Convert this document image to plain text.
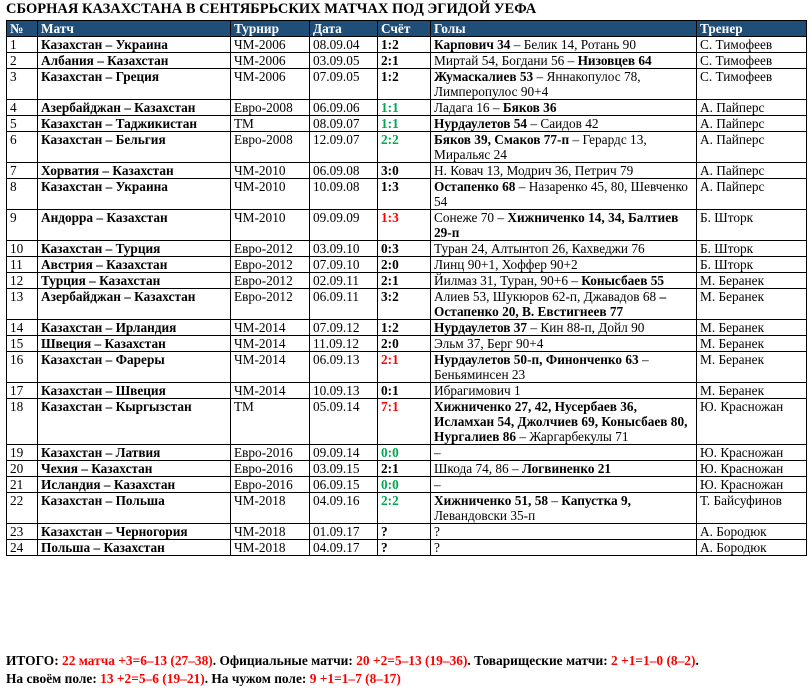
СБОРНАЯ КАЗАХСТАНА В СЕНТЯБРЬСКИХ МАТЧАХ ПОД ЭГИДОЙ УЕФА
№	Матч	Турнир	Дата	Счёт	Голы	Тренер
1	Казахстан – Украина	ЧМ-2006	08.09.04	1:2	Карпович 34 – Белик 14, Ротань 90	С. Тимофеев
2	Албания – Казахстан	ЧМ-2006	03.09.05	2:1	Миртай 54, Богдани 56 – Низовцев 64	С. Тимофеев
3	Казахстан – Греция	ЧМ-2006	07.09.05	1:2	Жумаскалиев 53 – Яннакопулос 78, Лимперопулос 90+4	С. Тимофеев
4	Азербайджан – Казахстан	Евро-2008	06.09.06	1:1	Ладага 16 – Бяков 36	А. Пайперс
5	Казахстан – Таджикистан	ТМ	08.09.07	1:1	Нурдаулетов 54 – Саидов 42	А. Пайперс
6	Казахстан – Бельгия	Евро-2008	12.09.07	2:2	Бяков 39, Смаков 77-п – Герардс 13, Миральяс 24	А. Пайперс
7	Хорватия – Казахстан	ЧМ-2010	06.09.08	3:0	Н. Ковач 13, Модрич 36, Петрич 79	А. Пайперс
8	Казахстан – Украина	ЧМ-2010	10.09.08	1:3	Остапенко 68 – Назаренко 45, 80, Шевченко 54	А. Пайперс
9	Андорра – Казахстан	ЧМ-2010	09.09.09	1:3	Сонеже 70 – Хижниченко 14, 34, Балтиев 29-п	Б. Шторк
10	Казахстан – Турция	Евро-2012	03.09.10	0:3	Туран 24, Алтынтоп 26, Кахведжи 76	Б. Шторк
11	Австрия – Казахстан	Евро-2012	07.09.10	2:0	Линц 90+1, Хоффер 90+2	Б. Шторк
12	Турция – Казахстан	Евро-2012	02.09.11	2:1	Йилмаз 31, Туран, 90+6 – Конысбаев 55	М. Беранек
13	Азербайджан – Казахстан	Евро-2012	06.09.11	3:2	Алиев 53, Шукюров 62-п, Джавадов 68 – Остапенко 20, В. Евстигнеев 77	М. Беранек
14	Казахстан – Ирландия	ЧМ-2014	07.09.12	1:2	Нурдаулетов 37 – Кин 88-п, Дойл 90	М. Беранек
15	Швеция – Казахстан	ЧМ-2014	11.09.12	2:0	Эльм 37, Берг 90+4	М. Беранек
16	Казахстан – Фареры	ЧМ-2014	06.09.13	2:1	Нурдаулетов 50-п, Финонченко 63 – Беньяминсен 23	М. Беранек
17	Казахстан – Швеция	ЧМ-2014	10.09.13	0:1	Ибрагимович 1	М. Беранек
18	Казахстан – Кыргызстан	ТМ	05.09.14	7:1	Хижниченко 27, 42, Нусербаев 36, Исламхан 54, Джолчиев 69, Конысбаев 80, Нургалиев 86 – Жаргарбекулы 71	Ю. Красножан
19	Казахстан – Латвия	Евро-2016	09.09.14	0:0	–	Ю. Красножан
20	Чехия – Казахстан	Евро-2016	03.09.15	2:1	Шкода 74, 86 – Логвиненко 21	Ю. Красножан
21	Исландия – Казахстан	Евро-2016	06.09.15	0:0	–	Ю. Красножан
22	Казахстан – Польша	ЧМ-2018	04.09.16	2:2	Хижниченко 51, 58 – Капустка 9, Левандовски 35-п	Т. Байсуфинов
23	Казахстан – Черногория	ЧМ-2018	01.09.17	?	?	А. Бородюк
24	Польша – Казахстан	ЧМ-2018	04.09.17	?	?	А. Бородюк
ИТОГО: 22 матча +3=6–13 (27–38). Официальные матчи: 20 +2=5–13 (19–36). Товарищеские матчи: 2 +1=1–0 (8–2).
На своём поле: 13 +2=5–6 (19–21). На чужом поле: 9 +1=1–7 (8–17)
